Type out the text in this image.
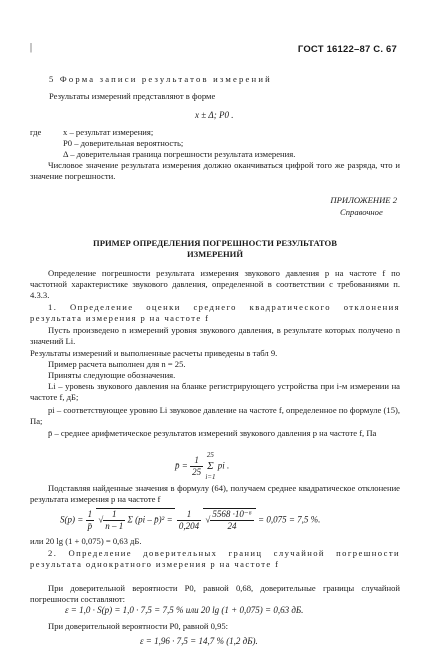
|	ГОСТ 16122–87 С. 67
5 Форма записи результатов измерений
Результаты измерений представляют в форме
x ± Δ; P0 .
где	x – результат измерения;
P0 – доверительная вероятность;
Δ – доверительная граница погрешности результата измерения.
Числовое значение результата измерения должно оканчиваться цифрой того же разряда, что и значение погрешности.
ПРИЛОЖЕНИЕ 2
Справочное
ПРИМЕР ОПРЕДЕЛЕНИЯ ПОГРЕШНОСТИ РЕЗУЛЬТАТОВ
ИЗМЕРЕНИЙ
Определение погрешности результата измерения звукового давления p на частоте f по частотной характеристике звукового давления, определенной в соответствии с требованиями п. 4.3.3.
1. Определение оценки среднего квадратического отклонения результата измерения p на частоте f
Пусть произведено n измерений уровня звукового давления, в результате которых получено n значений Li.
Результаты измерений и выполненные расчеты приведены в табл 9.
Пример расчета выполнен для n = 25.
Приняты следующие обозначения.
Li – уровень звукового давления на бланке регистрирующего устройства при i-м измерении на частоте f, дБ;
pi – соответствующее уровню Li звуковое давление на частоте f, определенное по формуле (15), Па;
p̄ – среднее арифметическое результатов измерений звукового давления p на частоте f, Па
p̄ = $\frac{1}{25} 25$
Σ
i=1 pi .
Подставляя найденные значения в формулу (64), получаем среднее квадратическое отклонение результата измерения p на частоте f
$S(p) = \frac{1}{p̄}$ √ $\frac{1}{n - 1}$ Σ (pi – p̄)² = $\frac{1}{0,204}$ √ $\frac{\text{5568 ·10⁻⁶}}{24} = 0,075 = 7,5$ %.
или 20 lg (1 + 0,075) = 0,63 дБ.
2. Определение доверительных границ случайной погрешности результата однократного измерения p на частоте f
При доверительной вероятности P0, равной 0,68, доверительные границы случайной погрешности составляют:
ε = 1,0 · S(p) = 1,0 · 7,5 = 7,5 % или 20 lg (1 + 0,075) = 0,63 дБ.
При доверительной вероятности P0, равной 0,95:
ε = 1,96 · 7,5 = 14,7 % (1,2 дБ).
